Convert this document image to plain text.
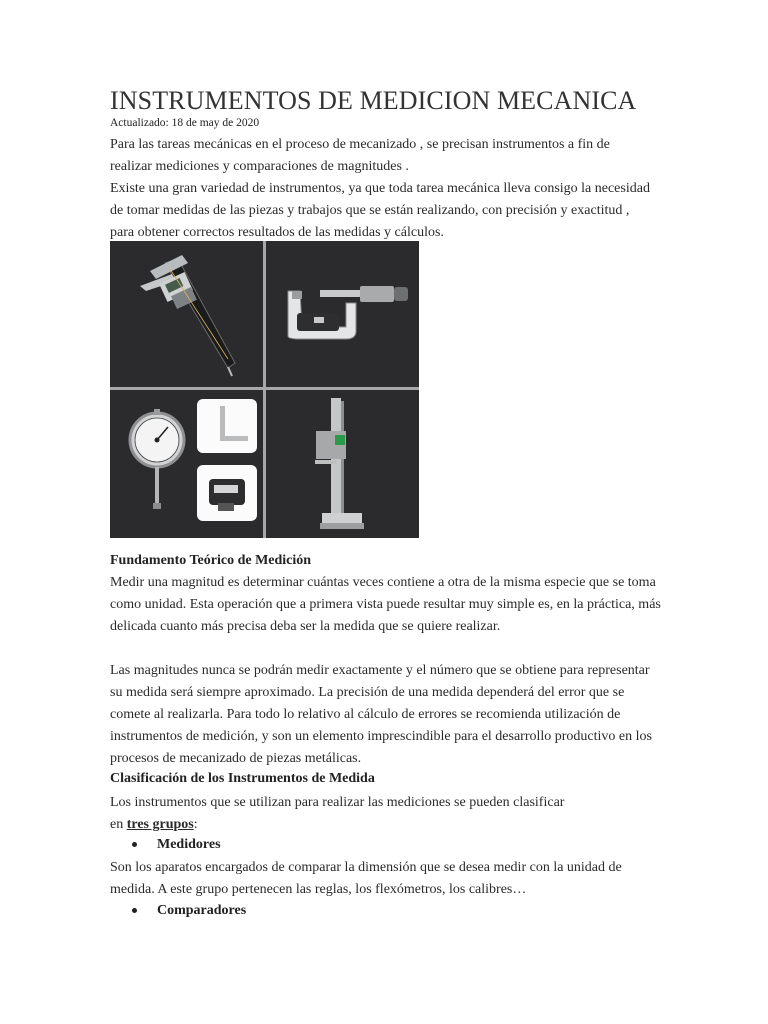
INSTRUMENTOS DE MEDICION MECANICA
Actualizado: 18 de may de 2020
Para las tareas mecánicas en el proceso de mecanizado , se precisan instrumentos a fin de realizar mediciones y comparaciones de magnitudes .
Existe una gran variedad de instrumentos, ya que toda tarea mecánica lleva consigo la necesidad de tomar medidas de las piezas y trabajos que se están realizando, con precisión y exactitud , para obtener correctos resultados de las medidas y cálculos.
Fundamento Teórico de Medición
Medir una magnitud es determinar cuántas veces contiene a otra de la misma especie que se toma como unidad. Esta operación que a primera vista puede resultar muy simple es, en la práctica, más delicada cuanto más precisa deba ser la medida que se quiere realizar.
Las magnitudes nunca se podrán medir exactamente y el número que se obtiene para representar su medida será siempre aproximado. La precisión de una medida dependerá del error que se comete al realizarla. Para todo lo relativo al cálculo de errores se recomienda utilización de instrumentos de medición, y son un elemento imprescindible para el desarrollo productivo en los procesos de mecanizado de piezas metálicas.
Clasificación de los Instrumentos de Medida
Los instrumentos que se utilizan para realizar las mediciones se pueden clasificar
en tres grupos:
Medidores
Son los aparatos encargados de comparar la dimensión que se desea medir con la unidad de medida. A este grupo pertenecen las reglas, los flexómetros, los calibres…
Comparadores
